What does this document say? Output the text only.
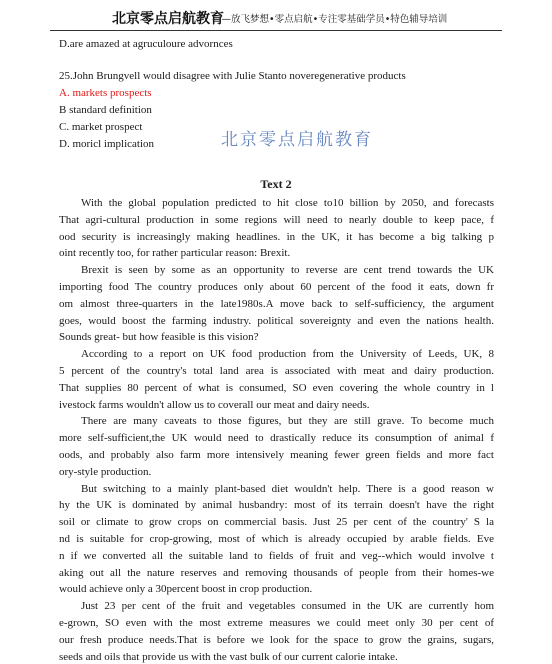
北京零点启航教育
——放飞梦想•零点启航•专注零基础学员•特色辅导培训
D.are amazed at agruculoure advornces
25.John Brungvell would disagree with Julie Stanto noveregenerative products
A. markets prospects
B standard definition
C. market prospect
D. moricl implication	北京零点启航教育
Text 2
With the global population predicted to hit close to10 billion by 2050, and forecasts
That agri-cultural production in some regions will need to nearly double to keep pace, f
ood security is increasingly making headlines. in the UK, it has become a big talking p
oint recently too, for rather particular reason: Brexit.
Brexit is seen by some as an opportunity to reverse are cent trend towards the UK
importing food The country produces only about 60 percent of the food it eats, down fr
om almost three-quarters in the late1980s.A move back to self-sufficiency, the argument
goes, would boost the farming industry. political sovereignty and even the nations health.
Sounds great- but how feasible is this vision?
According to a report on UK food production from the University of Leeds, UK, 8
5 percent of the country's total land area is associated with meat and dairy production.
That supplies 80 percent of what is consumed, SO even covering the whole country in l
ivestock farms wouldn't allow us to coverall our meat and dairy needs.
There are many caveats to those figures, but they are still grave. To become much
more self-sufficient,the UK would need to drastically reduce its consumption of animal f
oods, and probably also farm more intensively meaning fewer green fields and more fact
ory-style production.
But switching to a mainly plant-based diet wouldn't help. There is a good reason w
hy the UK is dominated by animal husbandry: most of its terrain doesn't have the right
soil or climate to grow crops on commercial basis. Just 25 per cent of the country' S la
nd is suitable for crop-growing, most of which is already occupied by arable fields. Eve
n if we converted all the suitable land to fields of fruit and veg--which would involve t
aking out all the nature reserves and removing thousands of people from their homes-we
would achieve only a 30percent boost in crop production.
Just 23 per cent of the fruit and vegetables consumed in the UK are currently hom
e-grown, SO even with the most extreme measures we could meet only 30 per cent of
our fresh produce needs.That is before we look for the space to grow the grains, sugars,
seeds and oils that provide us with the vast bulk of our current calorie intake.
